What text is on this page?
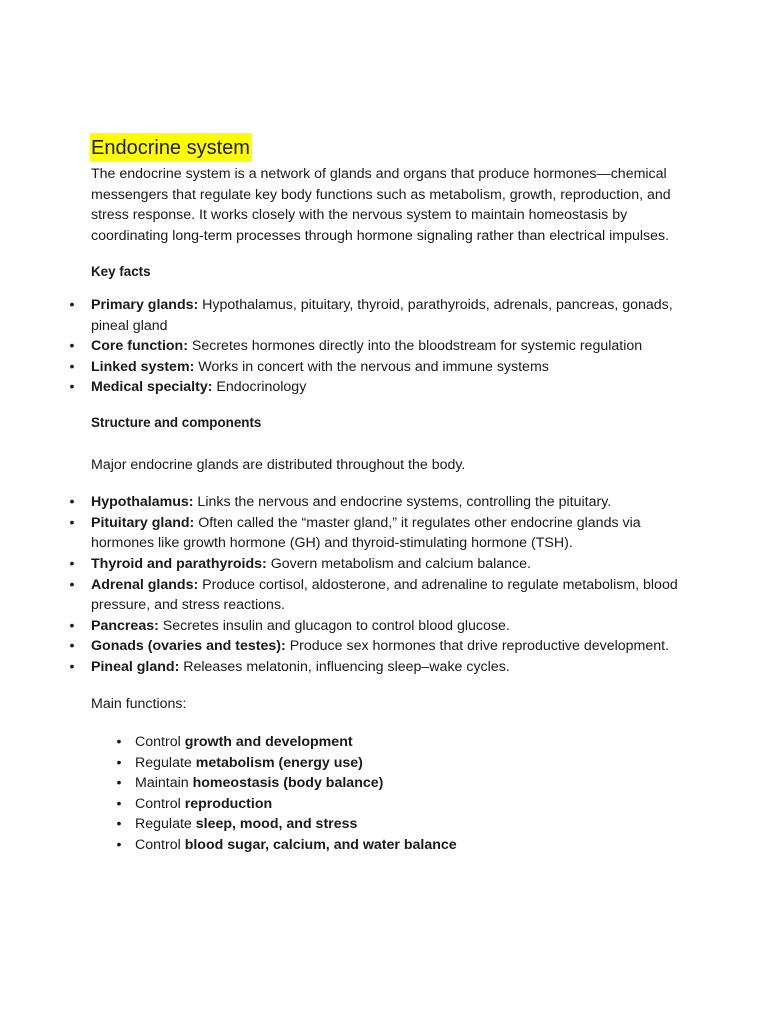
Endocrine system

The endocrine system is a network of glands and organs that produce hormones—chemical messengers that regulate key body functions such as metabolism, growth, reproduction, and stress response. It works closely with the nervous system to maintain homeostasis by coordinating long-term processes through hormone signaling rather than electrical impulses.

Key facts

• Primary glands: Hypothalamus, pituitary, thyroid, parathyroids, adrenals, pancreas, gonads, pineal gland
• Core function: Secretes hormones directly into the bloodstream for systemic regulation
• Linked system: Works in concert with the nervous and immune systems
• Medical specialty: Endocrinology

Structure and components

Major endocrine glands are distributed throughout the body.

• Hypothalamus: Links the nervous and endocrine systems, controlling the pituitary.
• Pituitary gland: Often called the “master gland,” it regulates other endocrine glands via hormones like growth hormone (GH) and thyroid-stimulating hormone (TSH).
• Thyroid and parathyroids: Govern metabolism and calcium balance.
• Adrenal glands: Produce cortisol, aldosterone, and adrenaline to regulate metabolism, blood pressure, and stress reactions.
• Pancreas: Secretes insulin and glucagon to control blood glucose.
• Gonads (ovaries and testes): Produce sex hormones that drive reproductive development.
• Pineal gland: Releases melatonin, influencing sleep–wake cycles.

Main functions:

• Control growth and development
• Regulate metabolism (energy use)
• Maintain homeostasis (body balance)
• Control reproduction
• Regulate sleep, mood, and stress
• Control blood sugar, calcium, and water balance
